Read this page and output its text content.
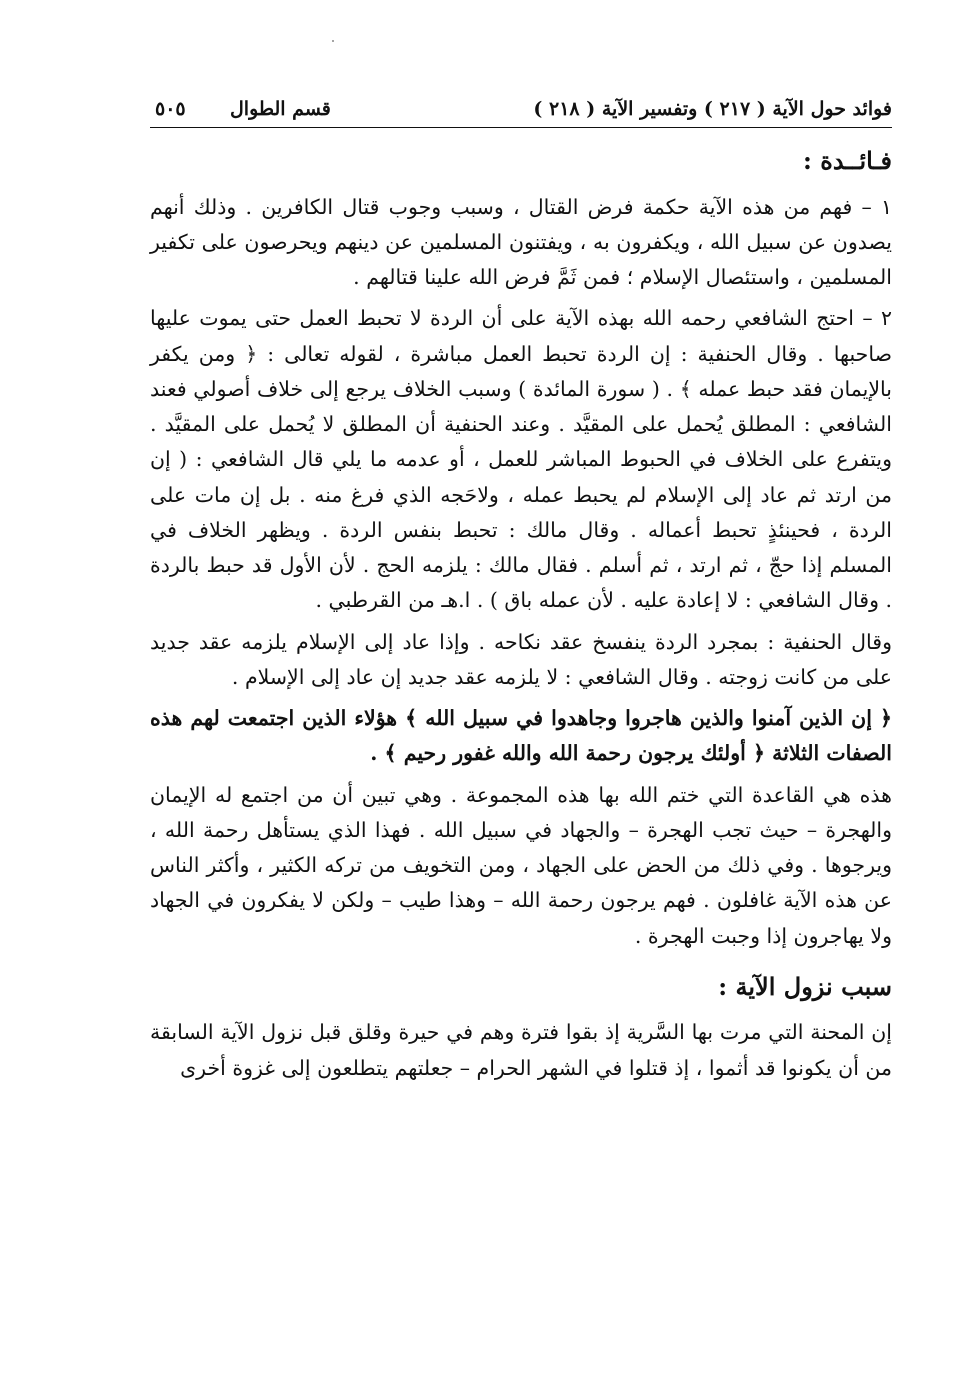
فوائد حول الآية ( ٢١٧ ) وتفسير الآية ( ٢١٨ )
قسم الطوال
٥٠٥
فـائــدة :

١ – فهم من هذه الآية حكمة فرض القتال ، وسبب وجوب قتال الكافرين . وذلك أنهم يصدون عن سبيل الله ، ويكفرون به ، ويفتنون المسلمين عن دينهم ويحرصون على تكفير المسلمين ، واستئصال الإسلام ؛ فمن ثَمَّ فرض الله علينا قتالهم .

٢ – احتج الشافعي رحمه الله بهذه الآية على أن الردة لا تحبط العمل حتى يموت عليها صاحبها . وقال الحنفية : إن الردة تحبط العمل مباشرة ، لقوله تعالى : ﴿ ومن يكفر بالإيمان فقد حبط عمله ﴾ . ( سورة المائدة ) وسبب الخلاف يرجع إلى خلاف أصولي فعند الشافعي : المطلق يُحمل على المقيَّد . وعند الحنفية أن المطلق لا يُحمل على المقيَّد . ويتفرع على الخلاف في الحبوط المباشر للعمل ، أو عدمه ما يلي قال الشافعي : ( إن من ارتد ثم عاد إلى الإسلام لم يحبط عمله ، ولاحَجه الذي فرغ منه . بل إن مات على الردة ، فحينئذٍ تحبط أعماله . وقال مالك : تحبط بنفس الردة . ويظهر الخلاف في المسلم إذا حجّ ، ثم ارتد ، ثم أسلم . فقال مالك : يلزمه الحج . لأن الأول قد حبط بالردة . وقال الشافعي : لا إعادة عليه . لأن عمله باق ) . ا.هـ من القرطبي .

وقال الحنفية : بمجرد الردة ينفسخ عقد نكاحه . وإذا عاد إلى الإسلام يلزمه عقد جديد على من كانت زوجته . وقال الشافعي : لا يلزمه عقد جديد إن عاد إلى الإسلام .

﴿ إن الذين آمنوا والذين هاجروا وجاهدوا في سبيل الله ﴾ هؤلاء الذين اجتمعت لهم هذه الصفات الثلاثة ﴿ أولئك يرجون رحمة الله والله غفور رحيم ﴾ .

هذه هي القاعدة التي ختم الله بها هذه المجموعة . وهي تبين أن من اجتمع له الإيمان والهجرة – حيث تجب الهجرة – والجهاد في سبيل الله . فهذا الذي يستأهل رحمة الله ، ويرجوها . وفي ذلك من الحض على الجهاد ، ومن التخويف من تركه الكثير ، وأكثر الناس عن هذه الآية غافلون . فهم يرجون رحمة الله – وهذا طيب – ولكن لا يفكرون في الجهاد ولا يهاجرون إذا وجبت الهجرة .

سبب نزول الآية :

إن المحنة التي مرت بها السَّرية إذ بقوا فترة وهم في حيرة وقلق قبل نزول الآية السابقة من أن يكونوا قد أثموا ، إذ قتلوا في الشهر الحرام – جعلتهم يتطلعون إلى غزوة أخرى
